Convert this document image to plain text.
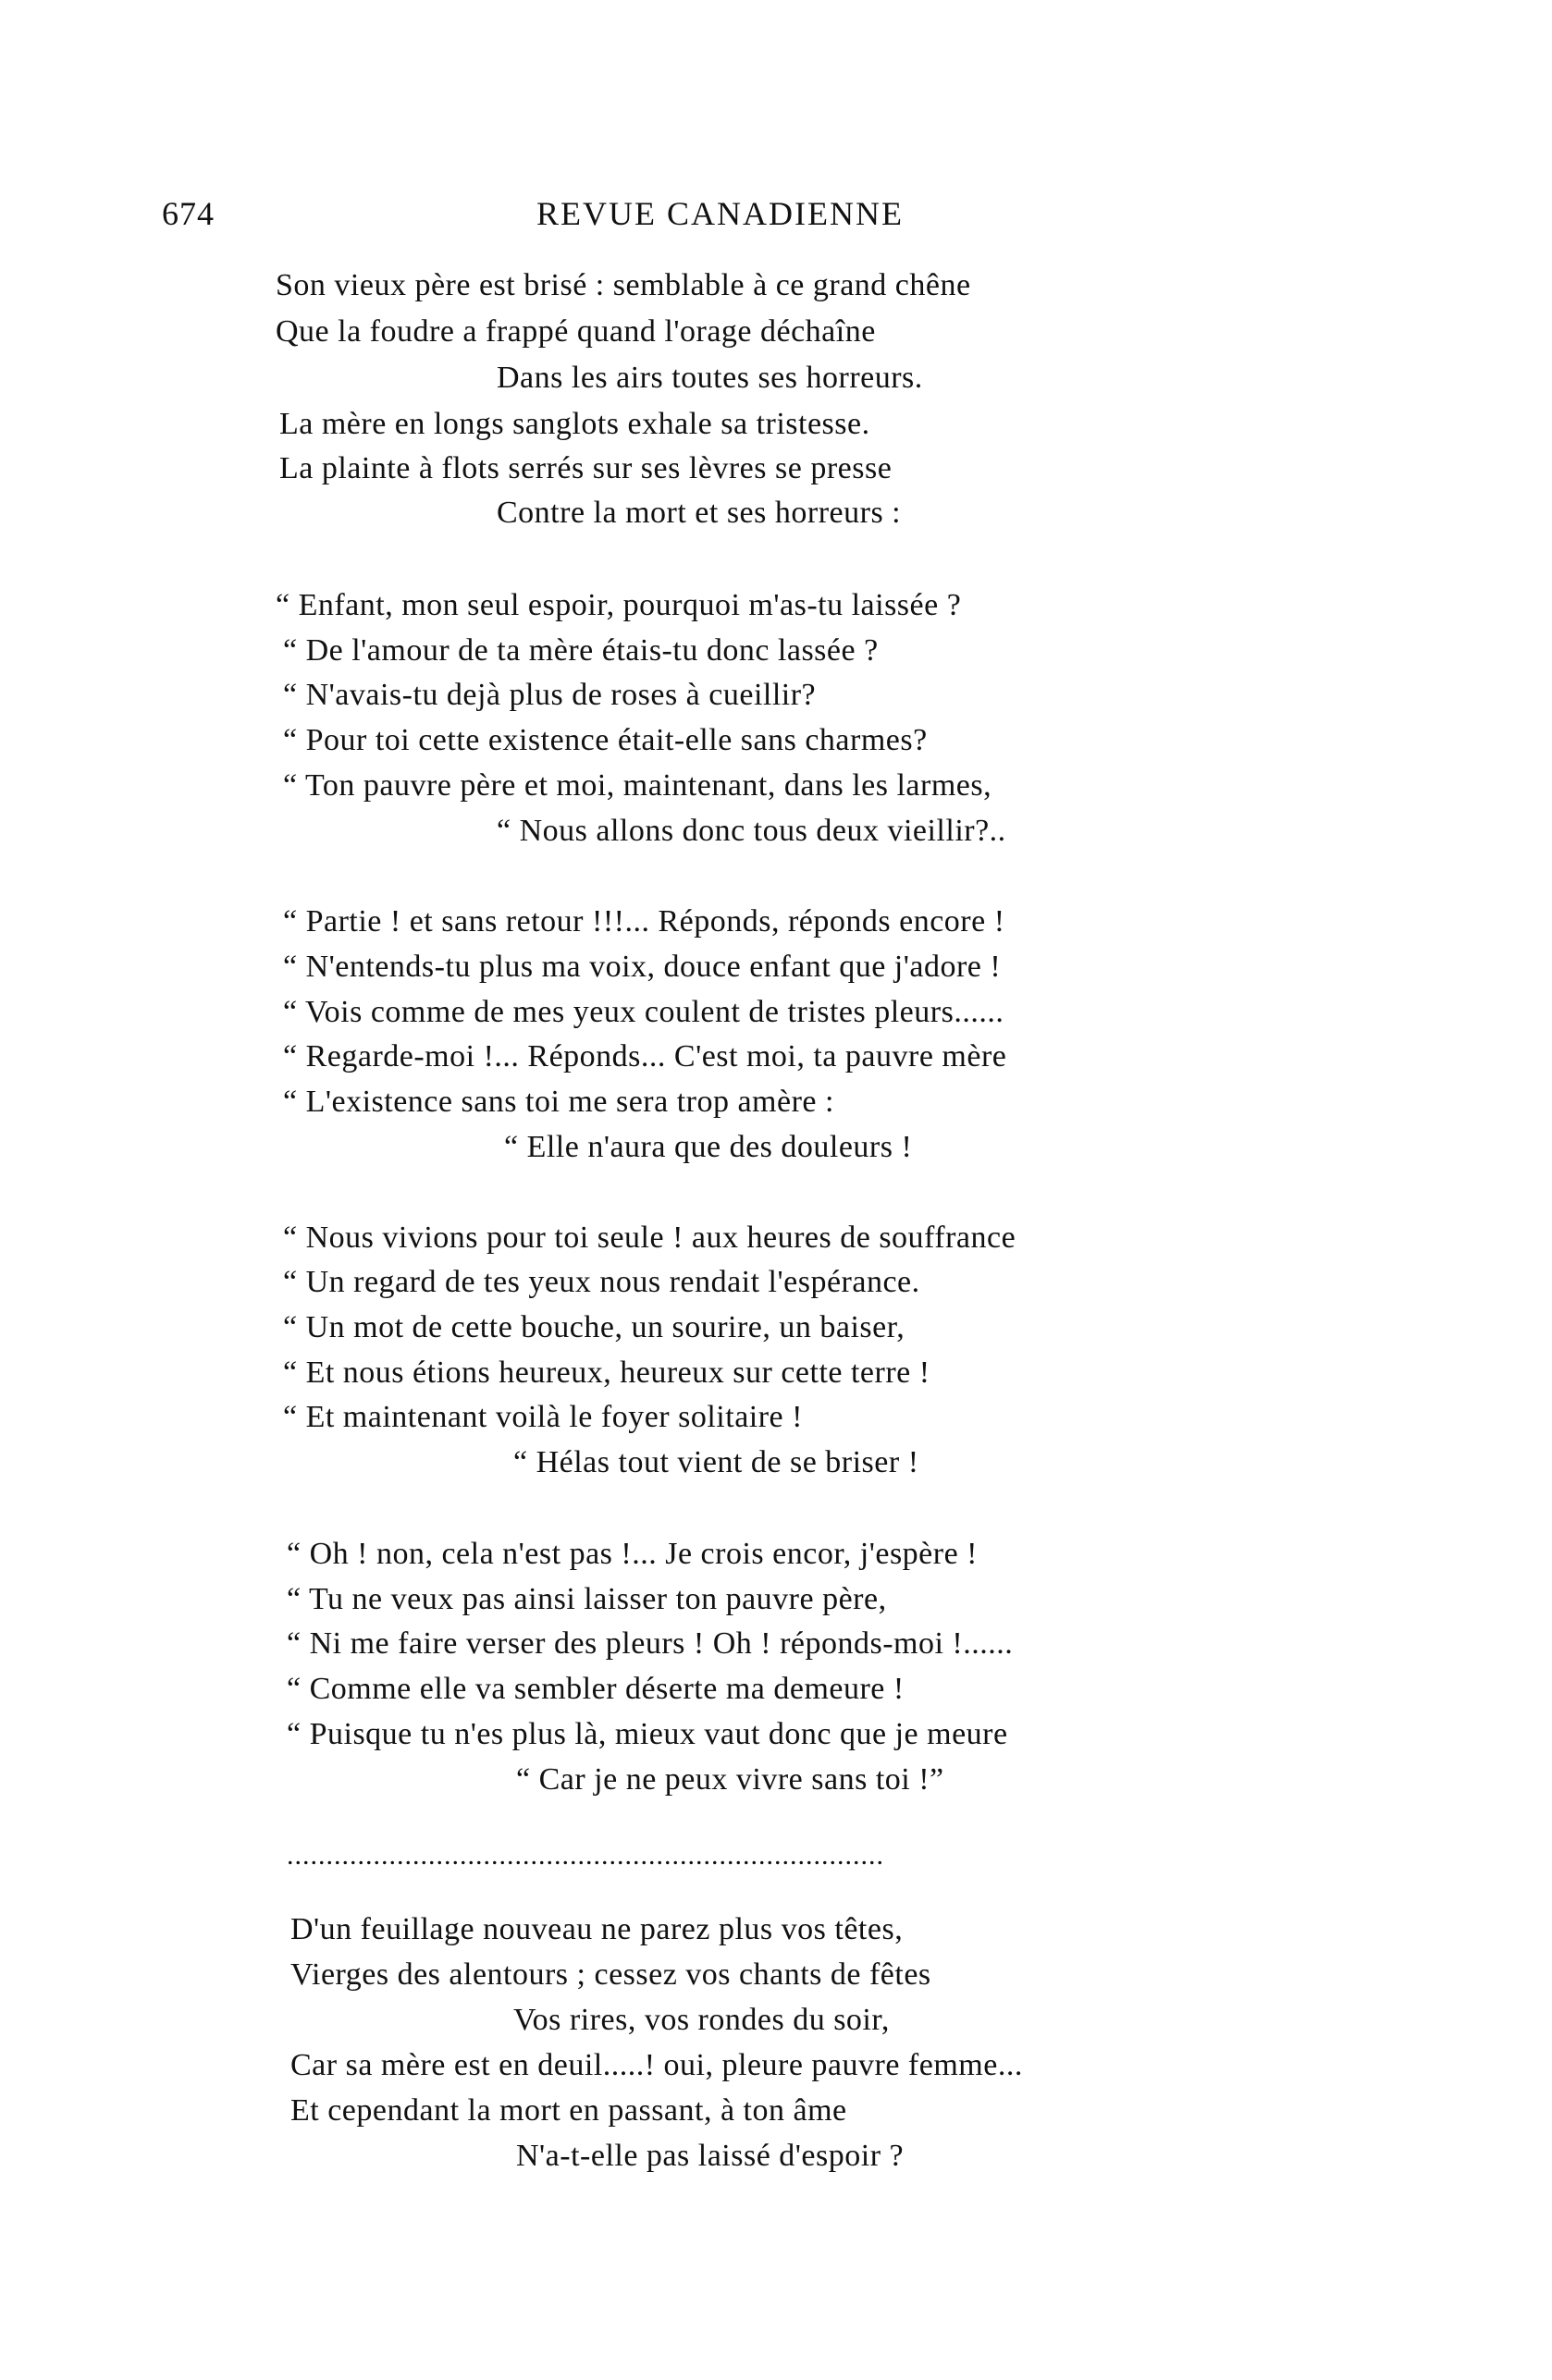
674	REVUE CANADIENNE
Son vieux père est brisé : semblable à ce grand chêne
Que la foudre a frappé quand l'orage déchaîne
Dans les airs toutes ses horreurs.
La mère en longs sanglots exhale sa tristesse.
La plainte à flots serrés sur ses lèvres se presse
Contre la mort et ses horreurs :
“ Enfant, mon seul espoir, pourquoi m'as-tu laissée ?
“ De l'amour de ta mère étais-tu donc lassée ?
“ N'avais-tu dejà plus de roses à cueillir?
“ Pour toi cette existence était-elle sans charmes?
“ Ton pauvre père et moi, maintenant, dans les larmes,
“ Nous allons donc tous deux vieillir?..
“ Partie ! et sans retour !!!... Réponds, réponds encore !
“ N'entends-tu plus ma voix, douce enfant que j'adore !
“ Vois comme de mes yeux coulent de tristes pleurs......
“ Regarde-moi !... Réponds... C'est moi, ta pauvre mère
“ L'existence sans toi me sera trop amère :
“ Elle n'aura que des douleurs !
“ Nous vivions pour toi seule ! aux heures de souffrance
“ Un regard de tes yeux nous rendait l'espérance.
“ Un mot de cette bouche, un sourire, un baiser,
“ Et nous étions heureux, heureux sur cette terre !
“ Et maintenant voilà le foyer solitaire !
“ Hélas tout vient de se briser !
“ Oh ! non, cela n'est pas !... Je crois encor, j'espère !
“ Tu ne veux pas ainsi laisser ton pauvre père,
“ Ni me faire verser des pleurs ! Oh ! réponds-moi !......
“ Comme elle va sembler déserte ma demeure !
“ Puisque tu n'es plus là, mieux vaut donc que je meure
“ Car je ne peux vivre sans toi !”
............................................................................
D'un feuillage nouveau ne parez plus vos têtes,
Vierges des alentours ; cessez vos chants de fêtes
Vos rires, vos rondes du soir,
Car sa mère est en deuil.....! oui, pleure pauvre femme...
Et cependant la mort en passant, à ton âme
N'a-t-elle pas laissé d'espoir ?
